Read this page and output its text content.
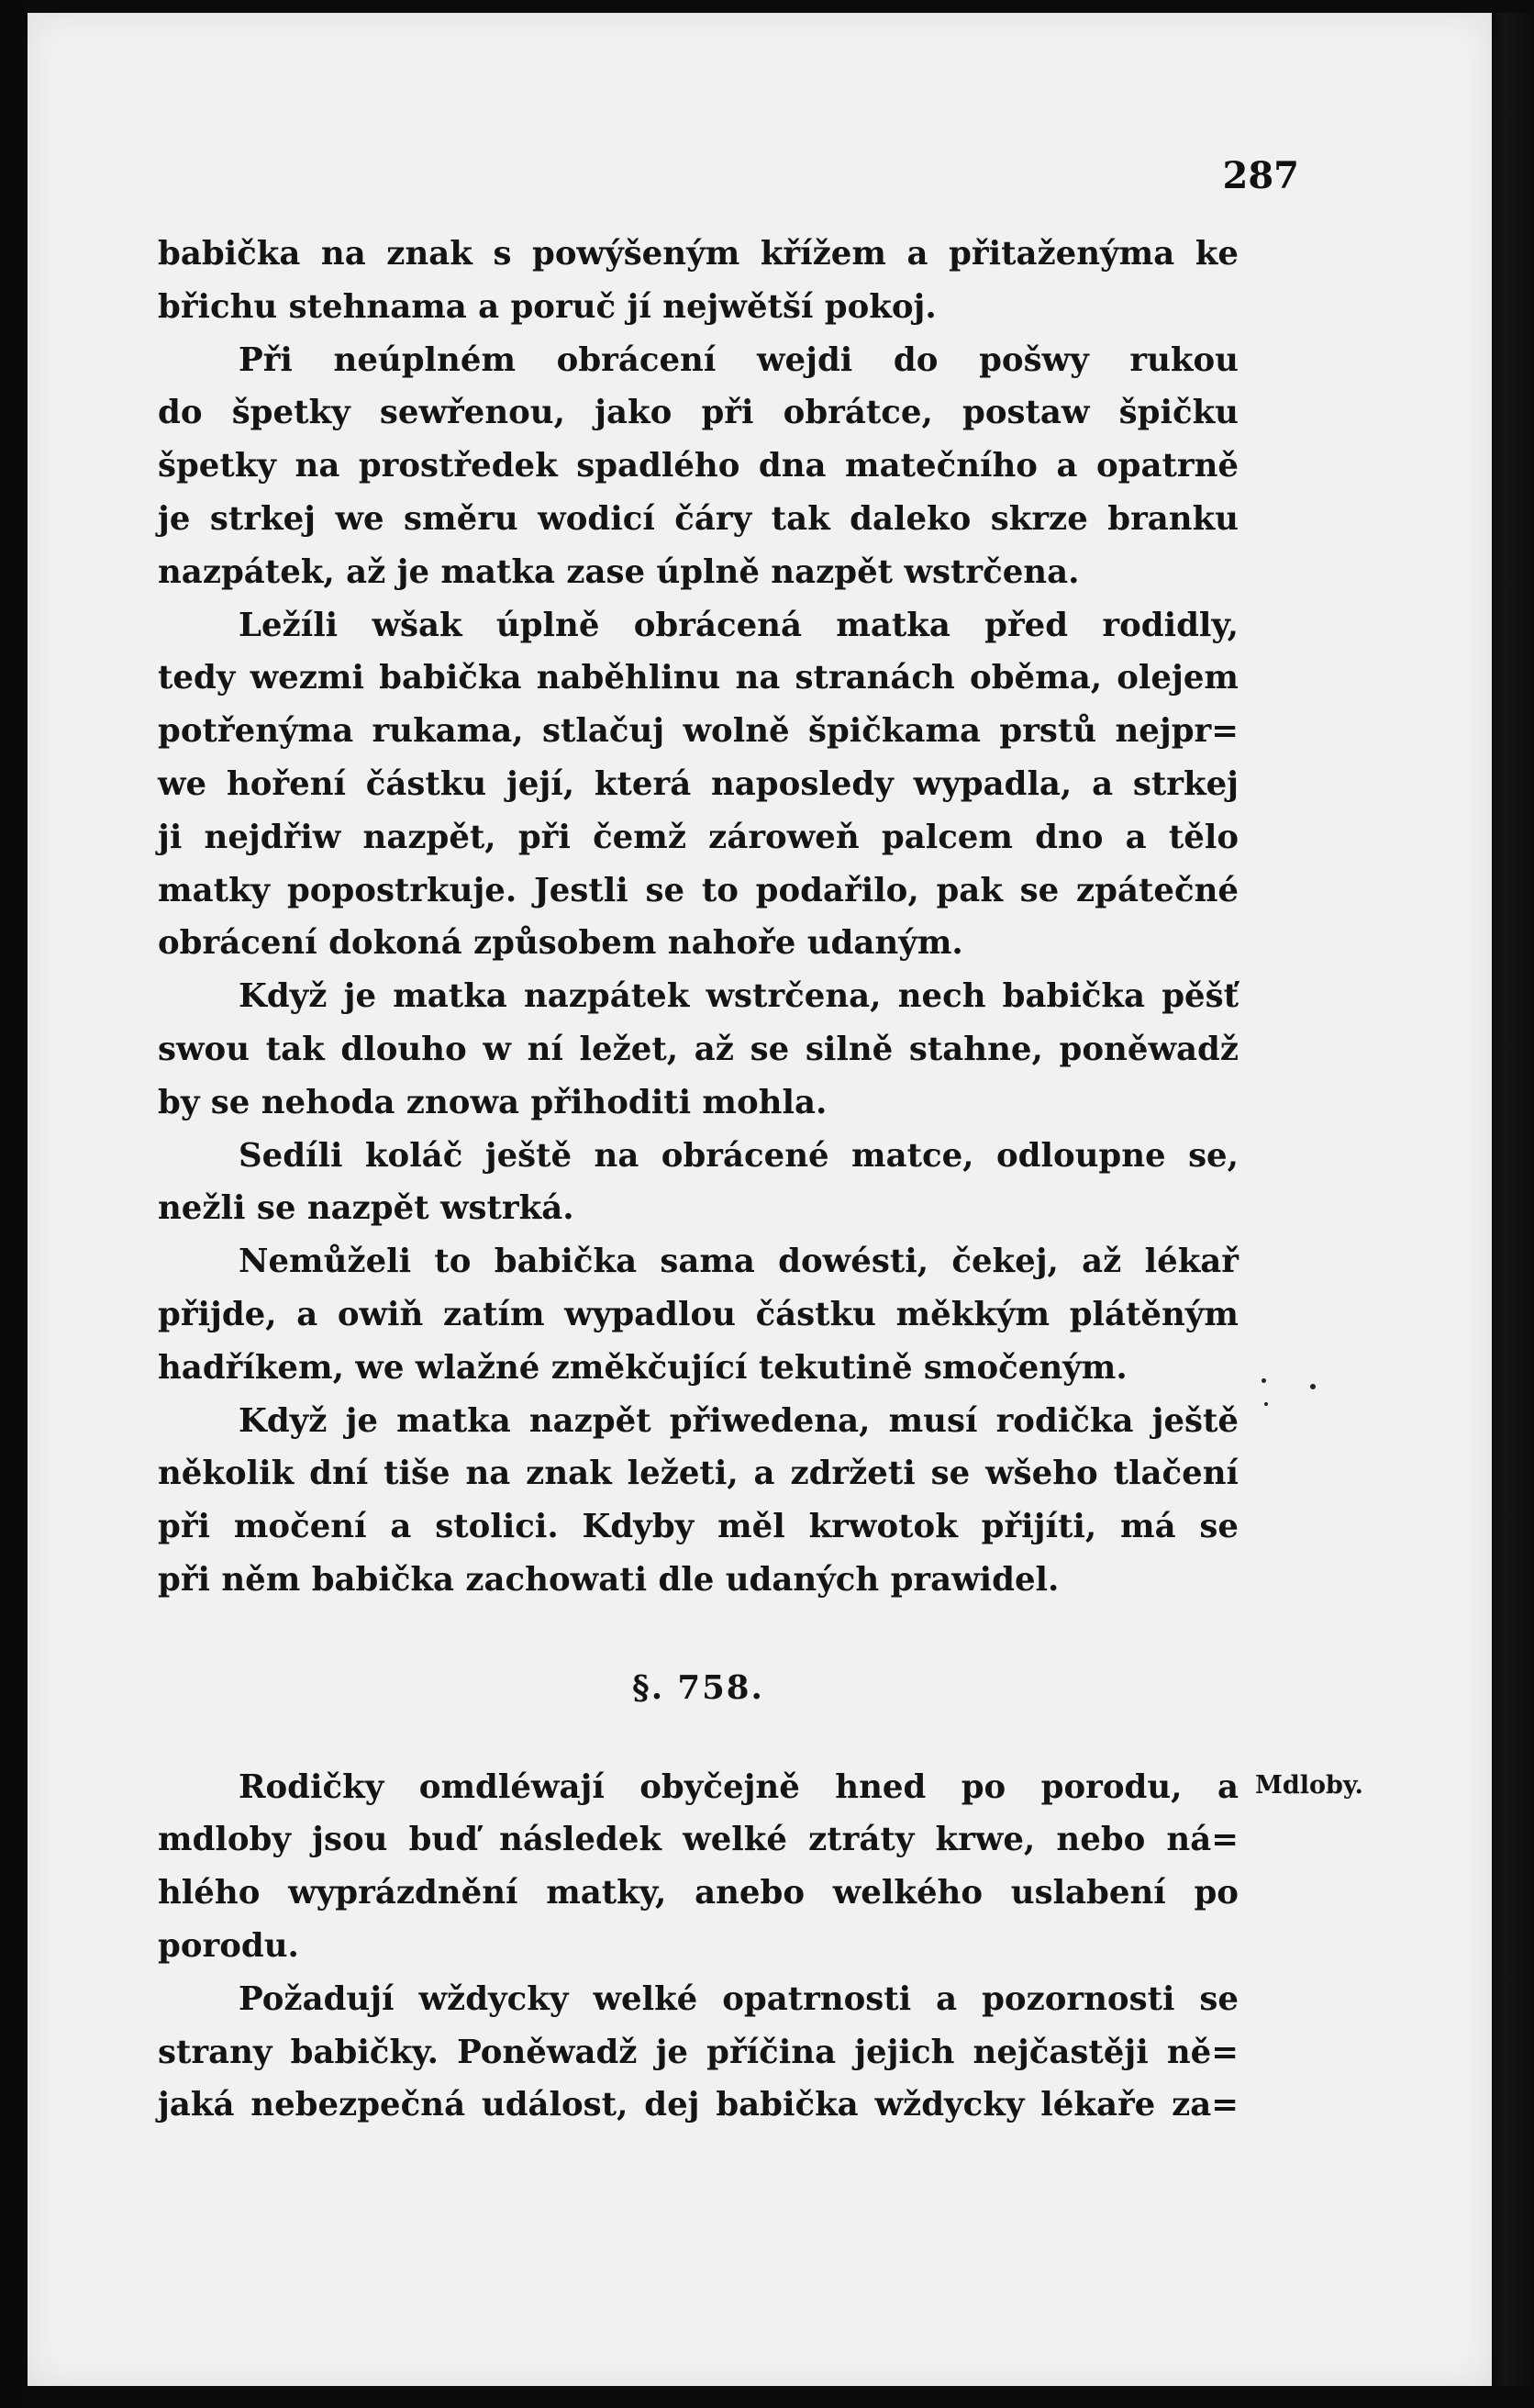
287
babička na znak s powýšeným křížem a přitaženýma ke
břichu stehnama a poruč jí nejwětší pokoj.
Při neúplném obrácení wejdi do pošwy rukou
do špetky sewřenou, jako při obrátce, postaw špičku
špetky na prostředek spadlého dna matečního a opatrně
je strkej we směru wodicí čáry tak daleko skrze branku
nazpátek, až je matka zase úplně nazpět wstrčena.
Ležíli wšak úplně obrácená matka před rodidly,
tedy wezmi babička naběhlinu na stranách oběma, olejem
potřenýma rukama, stlačuj wolně špičkama prstů nejpr=
we hoření částku její, která naposledy wypadla, a strkej
ji nejdřiw nazpět, při čemž zároweň palcem dno a tělo
matky popostrkuje. Jestli se to podařilo, pak se zpátečné
obrácení dokoná způsobem nahoře udaným.
Když je matka nazpátek wstrčena, nech babička pěšť
swou tak dlouho w ní ležet, až se silně stahne, poněwadž
by se nehoda znowa přihoditi mohla.
Sedíli koláč ještě na obrácené matce, odloupne se,
nežli se nazpět wstrká.
Nemůželi to babička sama dowésti, čekej, až lékař
přijde, a owiň zatím wypadlou částku měkkým plátěným
hadříkem, we wlažné změkčující tekutině smočeným.
Když je matka nazpět přiwedena, musí rodička ještě
několik dní tiše na znak ležeti, a zdržeti se wšeho tlačení
při močení a stolici. Kdyby měl krwotok přijíti, má se
při něm babička zachowati dle udaných prawidel.
§. 758.
Rodičky omdléwají obyčejně hned po porodu, a
mdloby jsou buď následek welké ztráty krwe, nebo ná=
hlého wyprázdnění matky, anebo welkého uslabení po
porodu.
Požadují wždycky welké opatrnosti a pozornosti se
strany babičky. Poněwadž je příčina jejich nejčastěji ně=
jaká nebezpečná událost, dej babička wždycky lékaře za=
Mdloby.
